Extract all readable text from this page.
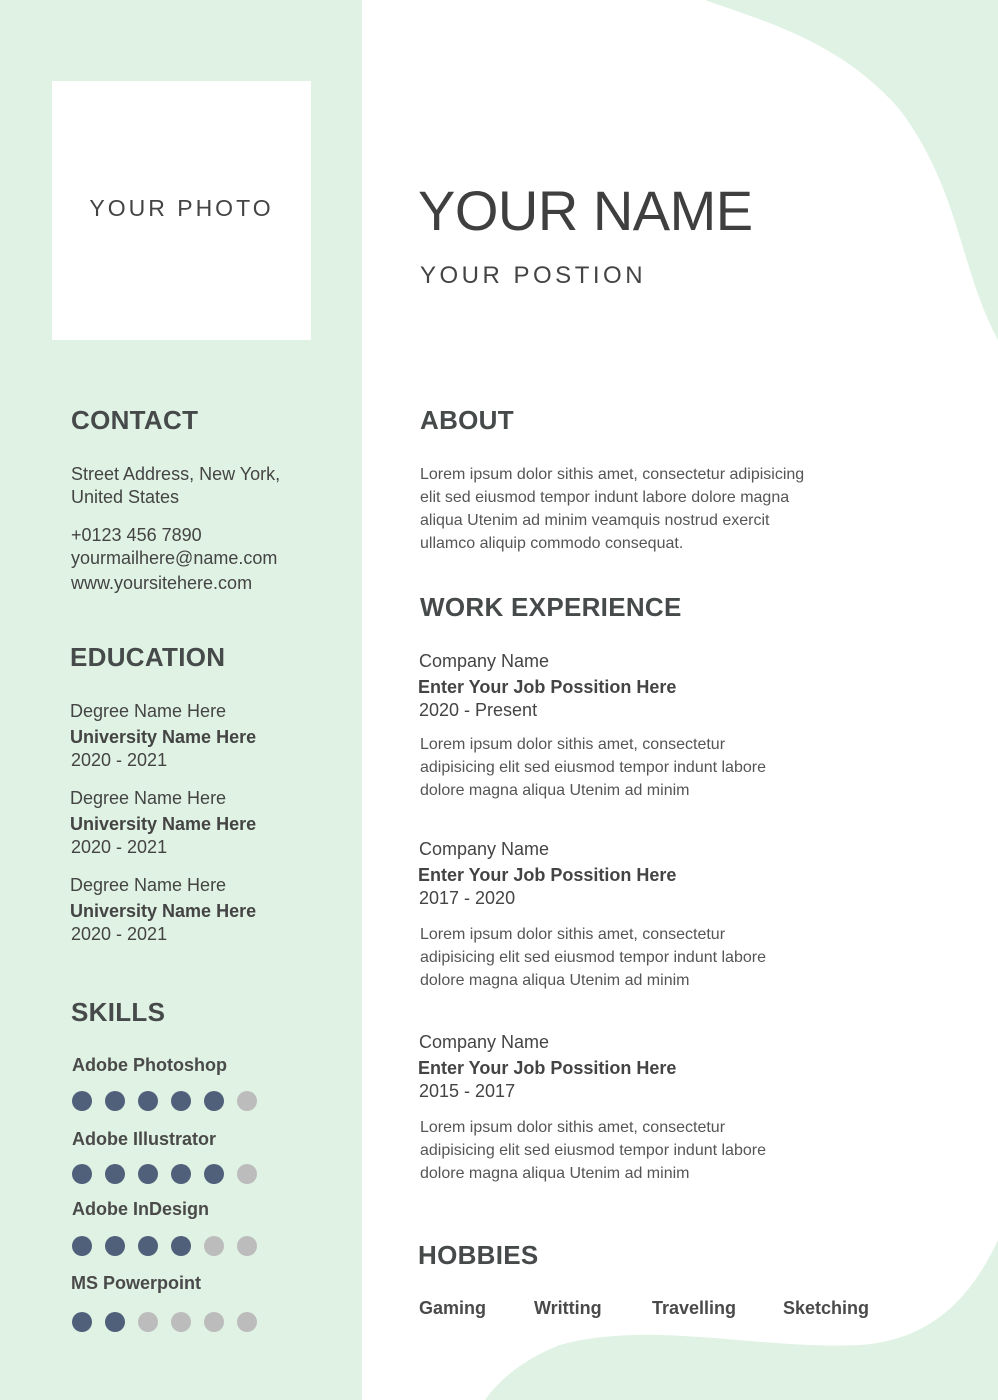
YOUR PHOTO	YOUR NAME
YOUR POSTION
CONTACT
Street Address, New York,
United States
+0123 456 7890
yourmailhere@name.com
www.yoursitehere.com
EDUCATION
Degree Name Here
University Name Here
2020 - 2021
Degree Name Here
University Name Here
2020 - 2021
Degree Name Here
University Name Here
2020 - 2021
SKILLS
Adobe Photoshop
Adobe Illustrator
Adobe InDesign
MS Powerpoint
ABOUT
Lorem ipsum dolor sithis amet, consectetur adipisicing
elit sed eiusmod tempor indunt labore dolore magna
aliqua Utenim ad minim veamquis nostrud exercit
ullamco aliquip commodo consequat.
WORK EXPERIENCE
Company Name
Enter Your Job Possition Here
2020 - Present
Lorem ipsum dolor sithis amet, consectetur
adipisicing elit sed eiusmod tempor indunt labore
dolore magna aliqua Utenim ad minim
Company Name
Enter Your Job Possition Here
2017 - 2020
Lorem ipsum dolor sithis amet, consectetur
adipisicing elit sed eiusmod tempor indunt labore
dolore magna aliqua Utenim ad minim
Company Name
Enter Your Job Possition Here
2015 - 2017
Lorem ipsum dolor sithis amet, consectetur
adipisicing elit sed eiusmod tempor indunt labore
dolore magna aliqua Utenim ad minim
HOBBIES
Gaming	Writting	Travelling	Sketching
